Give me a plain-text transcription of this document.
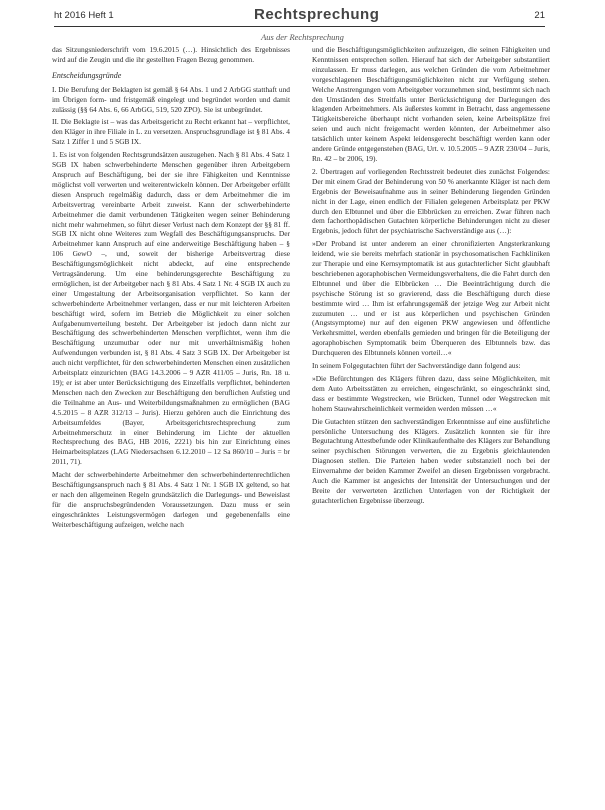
ht 2016 Heft 1	Rechtsprechung	21
Aus der Rechtsprechung

das Sitzungsniederschrift vom 19.6.2015 (…). Hinsichtlich des Ergebnisses wird auf die Zeugin und die ihr gestellten Fragen Bezug genommen.

Entscheidungsgründe

I. Die Berufung der Beklagten ist gemäß § 64 Abs. 1 und 2 ArbGG statthaft und im Übrigen form- und fristgemäß eingelegt und begründet worden und damit zulässig (§§ 64 Abs. 6, 66 ArbGG, 519, 520 ZPO). Sie ist unbegründet.

II. Die Beklagte ist – was das Arbeitsgericht zu Recht erkannt hat – verpflichtet, den Kläger in ihre Filiale in L. zu versetzen. Anspruchsgrundlage ist § 81 Abs. 4 Satz 1 Ziffer 1 und 5 SGB IX.

1. Es ist von folgenden Rechtsgrundsätzen auszugehen. Nach § 81 Abs. 4 Satz 1 SGB IX haben schwerbehinderte Menschen gegenüber ihren Arbeitgebern Anspruch auf Beschäftigung, bei der sie ihre Fähigkeiten und Kenntnisse möglichst voll verwerten und weiterentwickeln können. Der Arbeitgeber erfüllt diesen Anspruch regelmäßig dadurch, dass er dem Arbeitnehmer die im Arbeitsvertrag vereinbarte Arbeit zuweist. Kann der schwerbehinderte Arbeitnehmer die damit verbundenen Tätigkeiten wegen seiner Behinderung nicht mehr wahrnehmen, so führt dieser Verlust nach dem Konzept der §§ 81 ff. SGB IX nicht ohne Weiteres zum Wegfall des Beschäftigungsanspruchs. Der Arbeitnehmer kann Anspruch auf eine anderweitige Beschäftigung haben – § 106 GewO –, und, soweit der bisherige Arbeitsvertrag diese Beschäftigungsmöglichkeit nicht abdeckt, auf eine entsprechende Vertragsänderung. Um eine behinderungsgerechte Beschäftigung zu ermöglichen, ist der Arbeitgeber nach § 81 Abs. 4 Satz 1 Nr. 4 SGB IX auch zu einer Umgestaltung der Arbeitsorganisation verpflichtet. So kann der schwerbehinderte Arbeitnehmer verlangen, dass er nur mit leichteren Arbeiten beschäftigt wird, sofern im Betrieb die Möglichkeit zu einer solchen Aufgabenumverteilung besteht. Der Arbeitgeber ist jedoch dann nicht zur Beschäftigung des schwerbehinderten Menschen verpflichtet, wenn ihm die Beschäftigung unzumutbar oder nur mit unverhältnismäßig hohen Aufwendungen verbunden ist, § 81 Abs. 4 Satz 3 SGB IX. Der Arbeitgeber ist auch nicht verpflichtet, für den schwerbehinderten Menschen einen zusätzlichen Arbeitsplatz einzurichten (BAG 14.3.2006 – 9 AZR 411/05 – Juris, Rn. 18 u. 19); er ist aber unter Berücksichtigung des Einzelfalls verpflichtet, behinderten Menschen nach den Zwecken zur Beschäftigung den beruflichen Aufstieg und die Teilnahme an Aus- und Weiterbildungsmaßnahmen zu ermöglichen (BAG 4.5.2015 – 8 AZR 312/13 – Juris). Hierzu gehören auch die Einrichtung des Arbeitsumfeldes (Bayer, Arbeitsgerichtsrechtsprechung zum Arbeitnehmerschutz in einer Behinderung im Lichte der aktuellen Rechtsprechung des BAG, HB 2016, 2221) bis hin zur Einrichtung eines Heimarbeitsplatzes (LAG Niedersachsen 6.12.2010 – 12 Sa 860/10 – Juris = br 2011, 71).

Macht der schwerbehinderte Arbeitnehmer den schwerbehindertenrechtlichen Beschäftigungsanspruch nach § 81 Abs. 4 Satz 1 Nr. 1 SGB IX geltend, so hat er nach den allgemeinen Regeln grundsätzlich die Darlegungs- und Beweislast für die anspruchsbegründenden Voraussetzungen. Dazu muss er sein eingeschränktes Leistungsvermögen darlegen und gegebenenfalls eine Weiterbeschäftigung aufzeigen, welche nach

und die Beschäftigungsmöglichkeiten aufzuzeigen, die seinen Fähigkeiten und Kenntnissen entsprechen sollen. Hierauf hat sich der Arbeitgeber substantiiert einzulassen. Er muss darlegen, aus welchen Gründen die vom Arbeitnehmer vorgeschlagenen Beschäftigungsmöglichkeiten nicht zur Verfügung stehen. Welche Anstrengungen vom Arbeitgeber vorzunehmen sind, bestimmt sich nach den Umständen des Streitfalls unter Berücksichtigung der Darlegungen des klagenden Arbeitnehmers. Als äußerstes kommt in Betracht, dass angemessene Tätigkeitsbereiche überhaupt nicht vorhanden seien, keine Arbeitsplätze frei seien und auch nicht freigemacht werden könnten, der Arbeitnehmer also tatsächlich unter keinem Aspekt leidensgerecht beschäftigt werden kann oder andere Gründe entgegenstehen (BAG, Urt. v. 10.5.2005 – 9 AZR 230/04 – Juris, Rn. 42 – br 2006, 19).

2. Übertragen auf vorliegenden Rechtsstreit bedeutet dies zunächst Folgendes: Der mit einem Grad der Behinderung von 50 % anerkannte Kläger ist nach dem Ergebnis der Beweisaufnahme aus in seiner Behinderung liegenden Gründen nicht in der Lage, einen endlich der Filialen gelegenen Arbeitsplatz per PKW durch den Elbtunnel und über die Elbbrücken zu erreichen. Zwar führen nach dem fachorthopädischen Gutachten körperliche Behinderungen nicht zu dieser Ergebnis, jedoch führt der psychiatrische Sachverständige aus (…):

»Der Proband ist unter anderem an einer chronifizierten Angsterkrankung leidend, wie sie bereits mehrfach stationär in psychosomatischen Fachkliniken zur Therapie und eine Kernsymptomatik ist aus gutachterlicher Sicht glaubhaft beschriebenen agoraphobischen Vermeidungsverhaltens, die die Fahrt durch den Elbtunnel und über die Elbbrücken … Die Beeinträchtigung durch die psychische Störung ist so gravierend, dass die Beschäftigung durch diese bestimmte wird … Ihm ist erfahrungsgemäß der jetzige Weg zur Arbeit nicht zuzumuten … und er ist aus körperlichen und psychischen Gründen (Angstsymptome) nur auf den eigenen PKW angewiesen und öffentliche Verkehrsmittel, werden ebenfalls gemieden und bringen für die Beteiligung der agoraphobischen Symptomatik beim Überqueren des Elbtunnels bzw. das Durchqueren des Elbtunnels können vorteil…«

In seinem Folgegutachten führt der Sachverständige dann folgend aus:

»Die Befürchtungen des Klägers führen dazu, dass seine Möglichkeiten, mit dem Auto Arbeitsstätten zu erreichen, eingeschränkt, so eingeschränkt sind, dass er bestimmte Wegstrecken, wie Brücken, Tunnel oder Wegstrecken mit hohem Stauwahrscheinlichkeit vermeiden werden müssen …«

Die Gutachten stützen den sachverständigen Erkenntnisse auf eine ausführliche persönliche Untersuchung des Klägers. Zusätzlich konnten sie für ihre Begutachtung Attestbefunde oder Klinikaufenthalte des Klägers zur Behandlung seiner psychischen Störungen verwerten, die zu Ergebnis gleichlautenden Diagnosen stellen. Die Parteien haben weder substanziell noch bei der Einvernahme der beiden Kammer Zweifel an diesen Ergebnissen vorgebracht. Auch die Kammer ist angesichts der Intensität der Untersuchungen und der Breite der verwerteten ärztlichen Unterlagen von der Richtigkeit der gutachterlichen Ergebnisse überzeugt.
